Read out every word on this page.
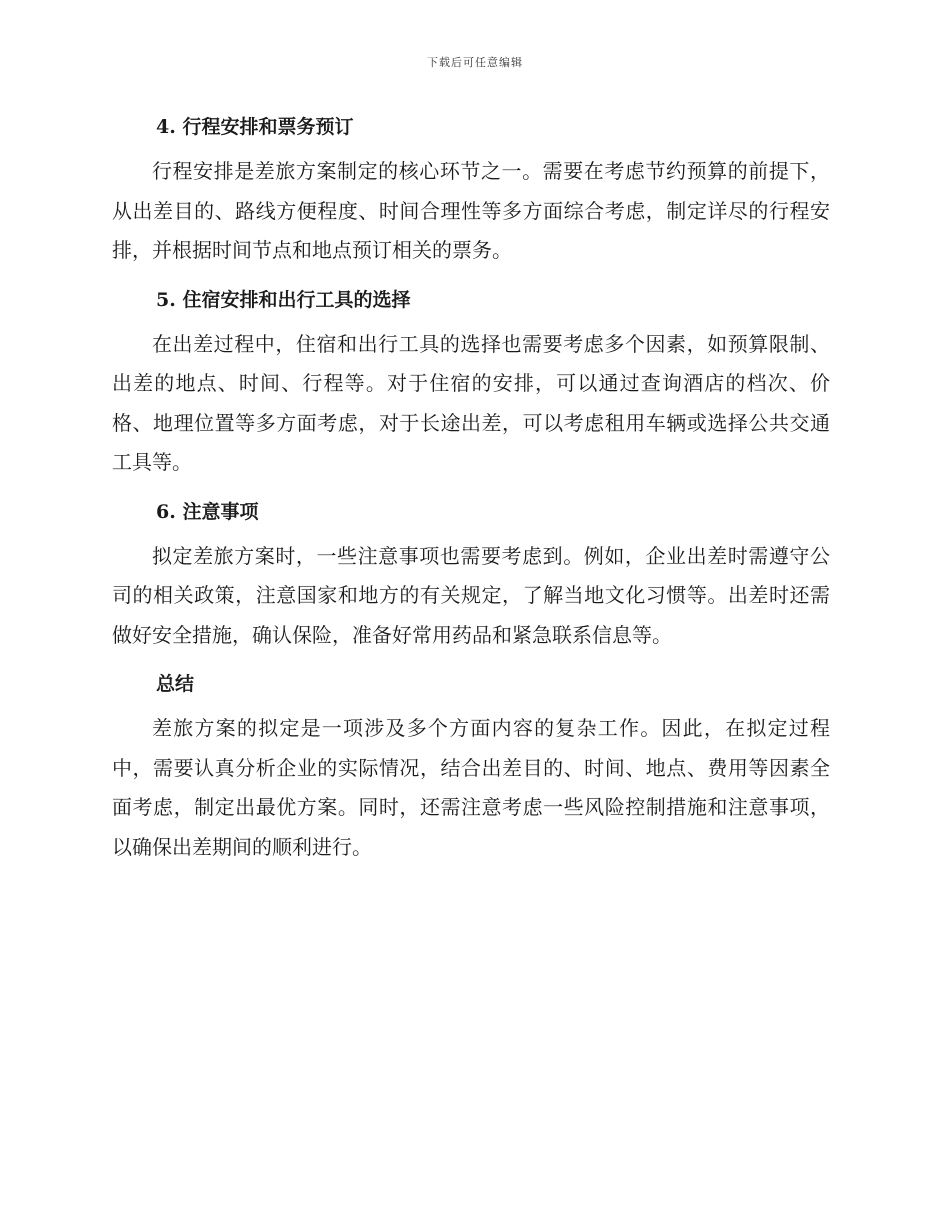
下载后可任意编辑
4. 行程安排和票务预订

行程安排是差旅方案制定的核心环节之一。需要在考虑节约预算的前提下，从出差目的、路线方便程度、时间合理性等多方面综合考虑，制定详尽的行程安排，并根据时间节点和地点预订相关的票务。

5. 住宿安排和出行工具的选择

在出差过程中，住宿和出行工具的选择也需要考虑多个因素，如预算限制、出差的地点、时间、行程等。对于住宿的安排，可以通过查询酒店的档次、价格、地理位置等多方面考虑，对于长途出差，可以考虑租用车辆或选择公共交通工具等。

6. 注意事项

拟定差旅方案时，一些注意事项也需要考虑到。例如，企业出差时需遵守公司的相关政策，注意国家和地方的有关规定，了解当地文化习惯等。出差时还需做好安全措施，确认保险，准备好常用药品和紧急联系信息等。

总结

差旅方案的拟定是一项涉及多个方面内容的复杂工作。因此，在拟定过程中，需要认真分析企业的实际情况，结合出差目的、时间、地点、费用等因素全面考虑，制定出最优方案。同时，还需注意考虑一些风险控制措施和注意事项，以确保出差期间的顺利进行。
